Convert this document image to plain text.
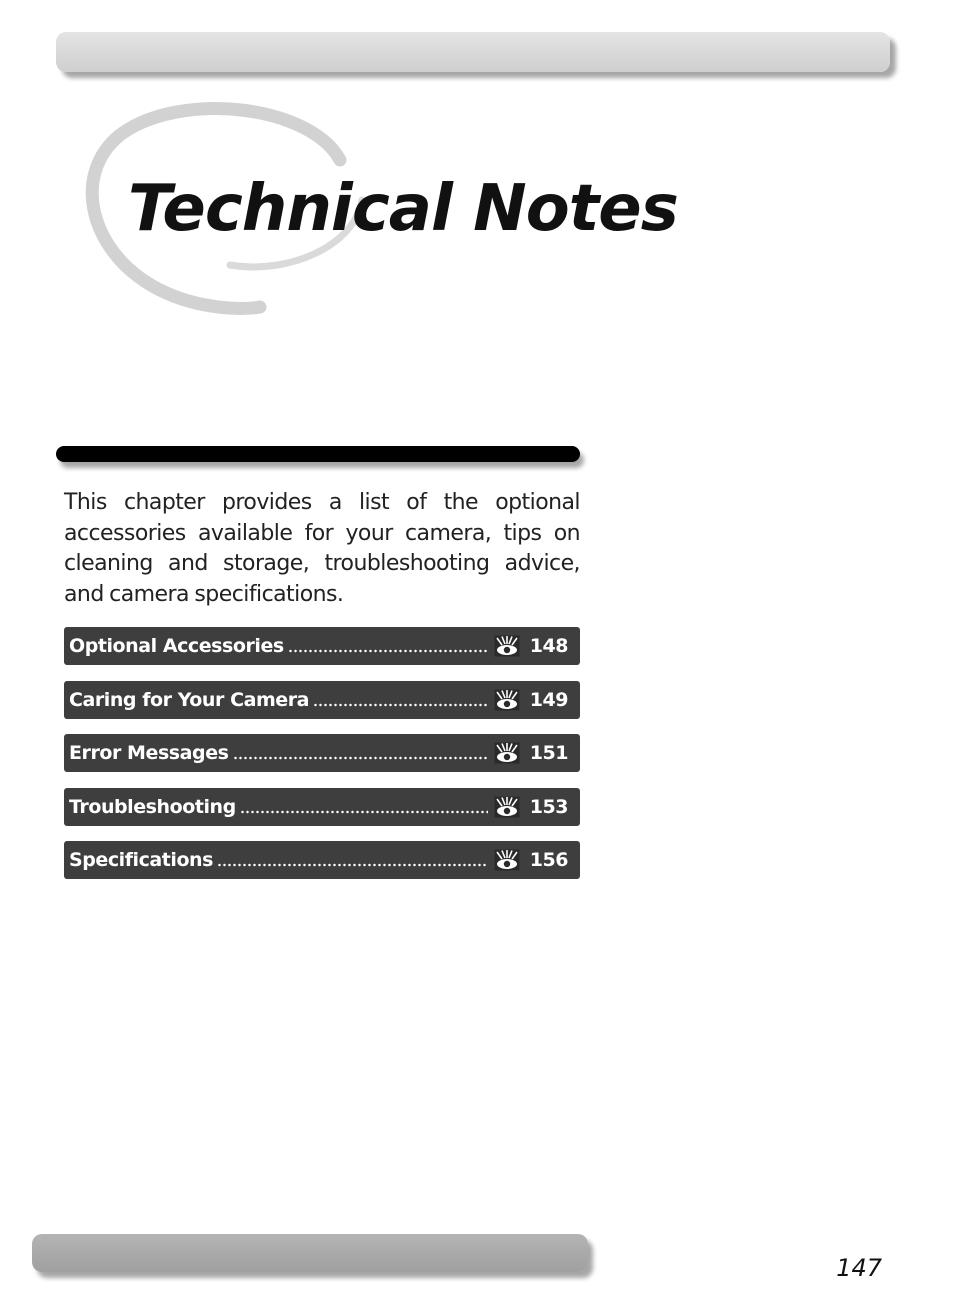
Technical Notes

This chapter provides a list of the optional accessories available for your camera, tips on cleaning and storage, troubleshooting advice, and camera specifications.

Optional Accessories	148
Caring for Your Camera	149
Error Messages	151
Troubleshooting	153
Specifications	156
147
